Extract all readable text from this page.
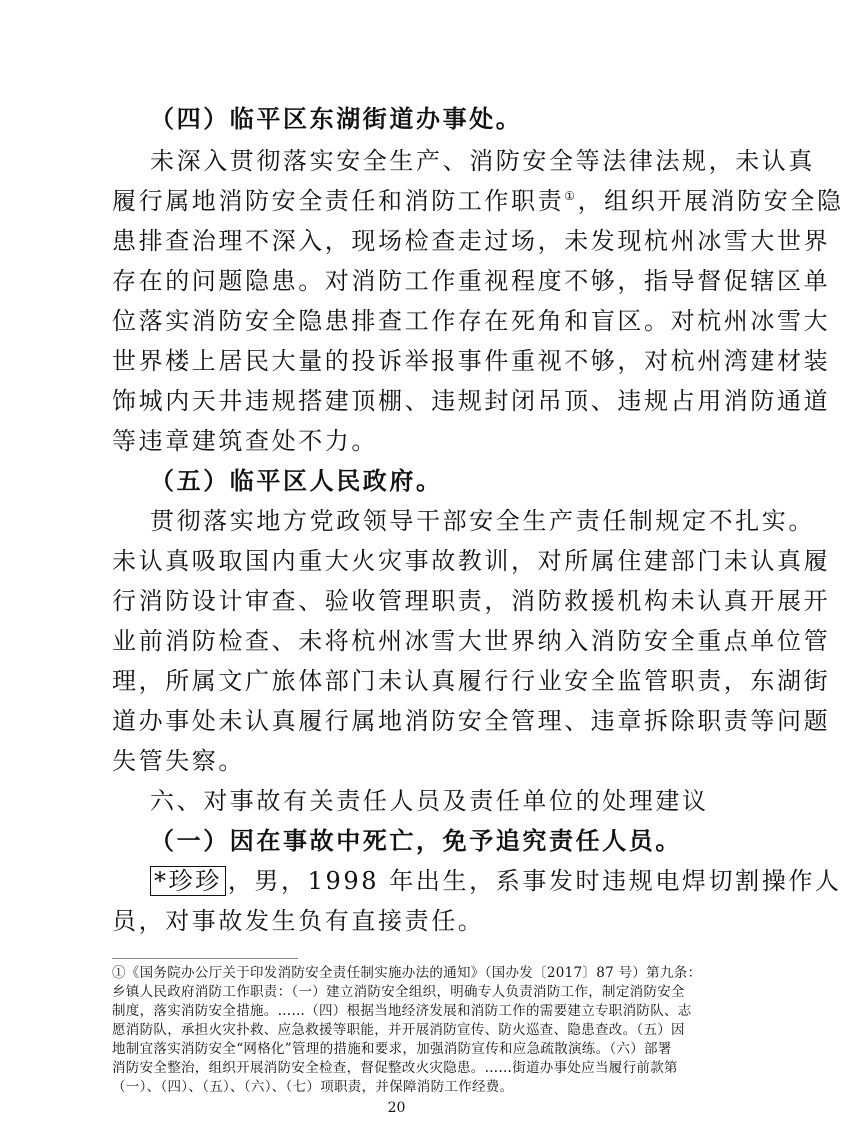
（四）临平区东湖街道办事处。
未深入贯彻落实安全生产、消防安全等法律法规，未认真
履行属地消防安全责任和消防工作职责①，组织开展消防安全隐
患排查治理不深入，现场检查走过场，未发现杭州冰雪大世界
存在的问题隐患。对消防工作重视程度不够，指导督促辖区单
位落实消防安全隐患排查工作存在死角和盲区。对杭州冰雪大
世界楼上居民大量的投诉举报事件重视不够，对杭州湾建材装
饰城内天井违规搭建顶棚、违规封闭吊顶、违规占用消防通道
等违章建筑查处不力。
（五）临平区人民政府。
贯彻落实地方党政领导干部安全生产责任制规定不扎实。
未认真吸取国内重大火灾事故教训，对所属住建部门未认真履
行消防设计审查、验收管理职责，消防救援机构未认真开展开
业前消防检查、未将杭州冰雪大世界纳入消防安全重点单位管
理，所属文广旅体部门未认真履行行业安全监管职责，东湖街
道办事处未认真履行属地消防安全管理、违章拆除职责等问题
失管失察。
六、对事故有关责任人员及责任单位的处理建议
（一）因在事故中死亡，免予追究责任人员。
*珍珍 ，男，1998 年出生，系事发时违规电焊切割操作人
员，对事故发生负有直接责任。
①《国务院办公厅关于印发消防安全责任制实施办法的通知》（国办发〔2017〕87 号）第九条：
乡镇人民政府消防工作职责：（一）建立消防安全组织，明确专人负责消防工作，制定消防安全
制度，落实消防安全措施。……（四）根据当地经济发展和消防工作的需要建立专职消防队、志
愿消防队，承担火灾扑救、应急救援等职能，并开展消防宣传、防火巡查、隐患查改。（五）因
地制宜落实消防安全“网格化”管理的措施和要求，加强消防宣传和应急疏散演练。（六）部署
消防安全整治，组织开展消防安全检查，督促整改火灾隐患。……街道办事处应当履行前款第
（一）、（四）、（五）、（六）、（七）项职责，并保障消防工作经费。
20
